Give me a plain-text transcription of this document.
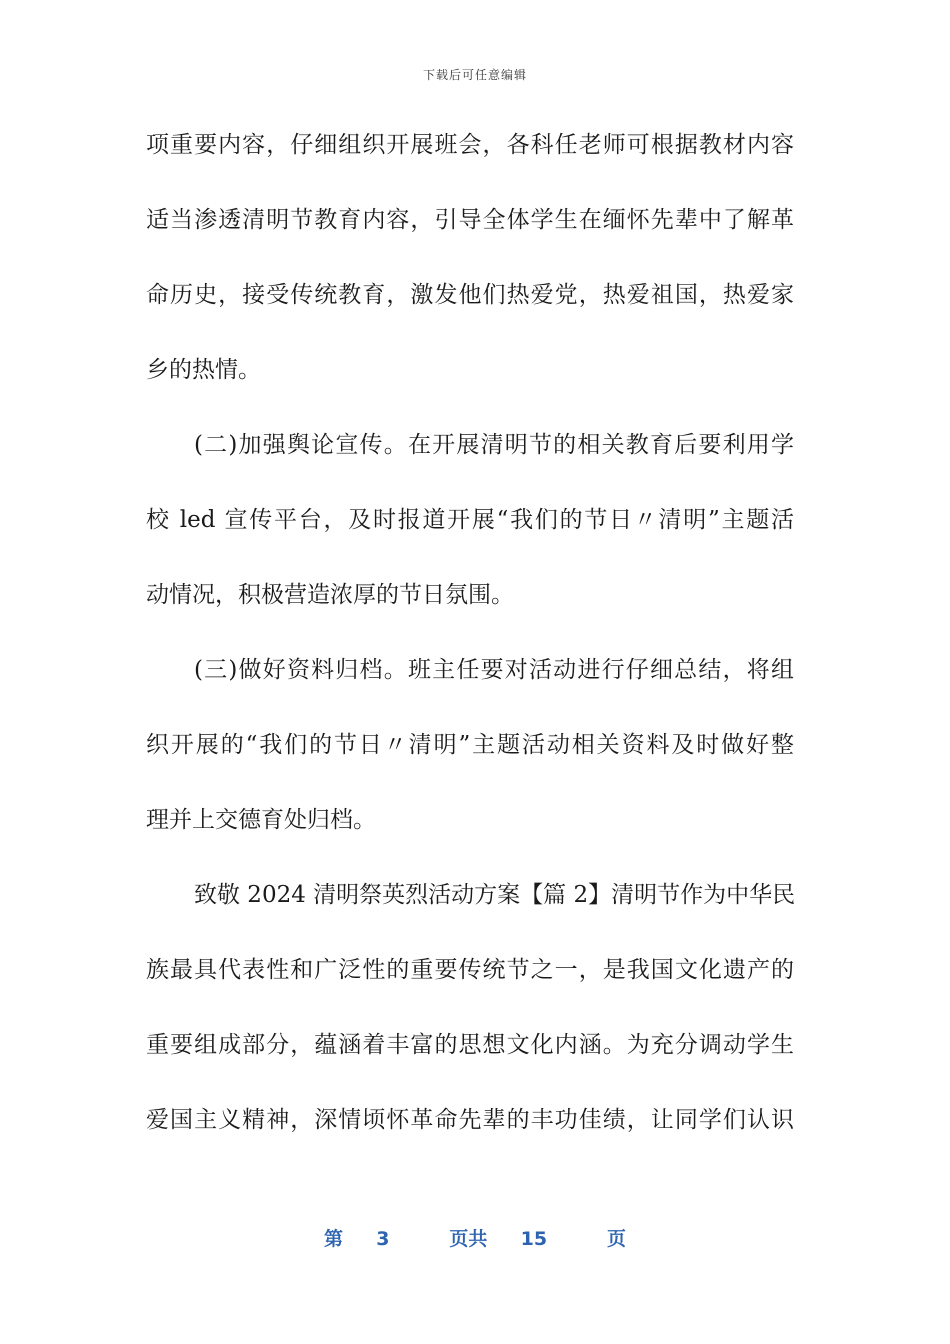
下载后可任意编辑
项重要内容，仔细组织开展班会，各科任老师可根据教材内容
适当渗透清明节教育内容，引导全体学生在缅怀先辈中了解革
命历史，接受传统教育，激发他们热爱党，热爱祖国，热爱家
乡的热情。
(二)加强舆论宣传。在开展清明节的相关教育后要利用学
校 led 宣传平台，及时报道开展“我们的节日〃清明”主题活
动情况，积极营造浓厚的节日氛围。
(三)做好资料归档。班主任要对活动进行仔细总结，将组
织开展的“我们的节日〃清明”主题活动相关资料及时做好整
理并上交德育处归档。
致敬 2024 清明祭英烈活动方案【篇 2】清明节作为中华民
族最具代表性和广泛性的重要传统节之一，是我国文化遗产的
重要组成部分，蕴涵着丰富的思想文化内涵。为充分调动学生
爱国主义精神，深情顷怀革命先辈的丰功佳绩，让同学们认识
第 3	页共 15	页
